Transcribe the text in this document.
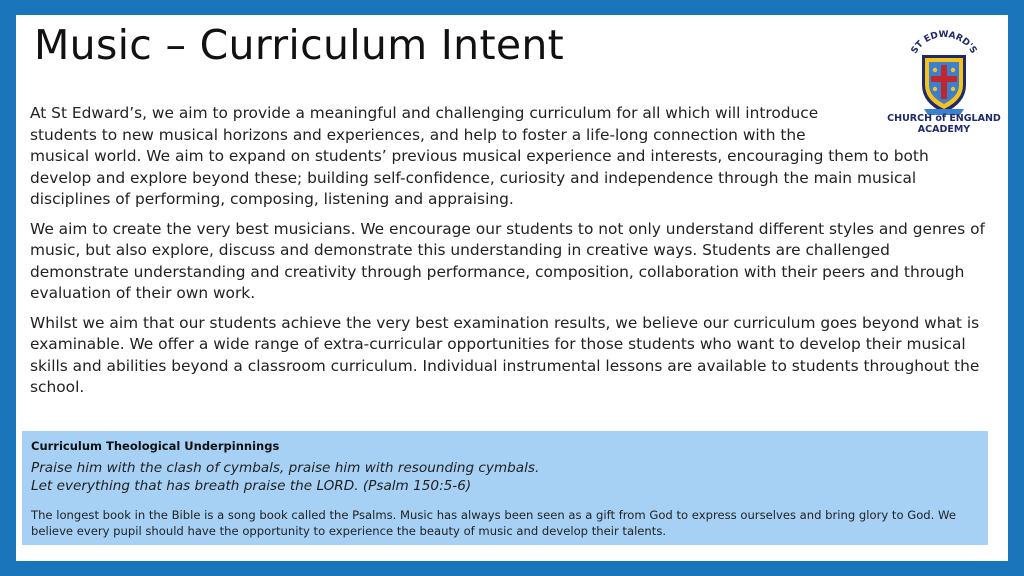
Music – Curriculum Intent	ST EDWARD'S
CHURCH of ENGLAND
ACADEMY

At St Edward’s, we aim to provide a meaningful and challenging curriculum for all which will introduce students to new musical horizons and experiences, and help to foster a life-long connection with the
musical world. We aim to expand on students’ previous musical experience and interests, encouraging them to both develop and explore beyond these; building self-confidence, curiosity and independence through the main musical disciplines of performing, composing, listening and appraising.

We aim to create the very best musicians. We encourage our students to not only understand different styles and genres of music, but also explore, discuss and demonstrate this understanding in creative ways. Students are challenged demonstrate understanding and creativity through performance, composition, collaboration with their peers and through evaluation of their own work.

Whilst we aim that our students achieve the very best examination results, we believe our curriculum goes beyond what is examinable. We offer a wide range of extra-curricular opportunities for those students who want to develop their musical skills and abilities beyond a classroom curriculum. Individual instrumental lessons are available to students throughout the school.

Curriculum Theological Underpinnings
Praise him with the clash of cymbals, praise him with resounding cymbals.
Let everything that has breath praise the LORD. (Psalm 150:5-6)
The longest book in the Bible is a song book called the Psalms. Music has always been seen as a gift from God to express ourselves and bring glory to God. We believe every pupil should have the opportunity to experience the beauty of music and develop their talents.
